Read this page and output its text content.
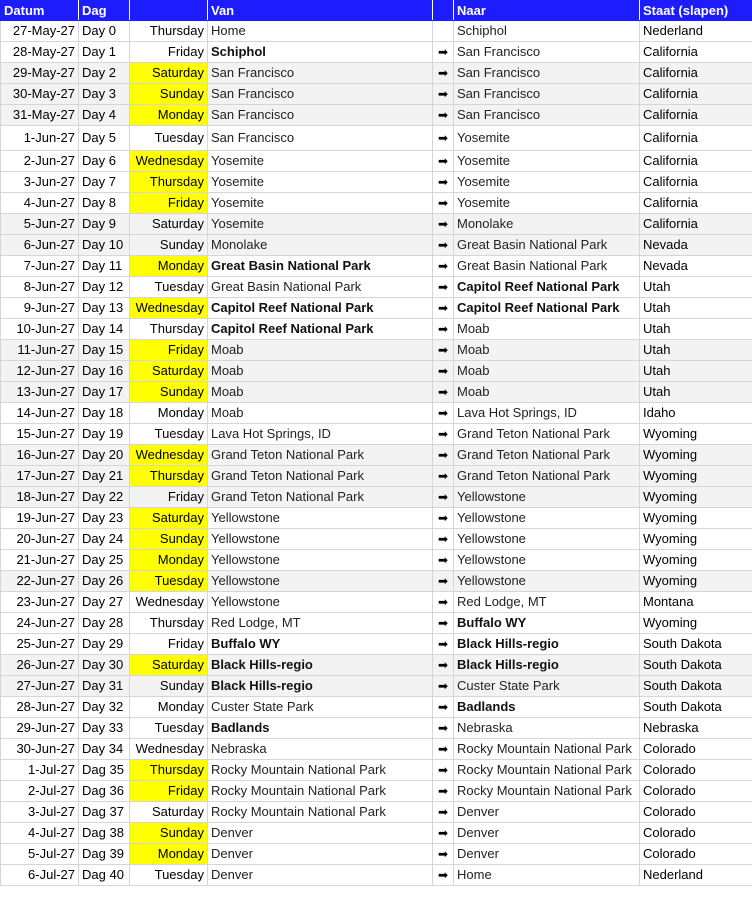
Datum	Dag		Van		Naar	Staat (slapen)
27-May-27	Day 0	Thursday	Home		Schiphol	Nederland
28-May-27	Day 1	Friday	Schiphol	➡	San Francisco	California
29-May-27	Day 2	Saturday	San Francisco	➡	San Francisco	California
30-May-27	Day 3	Sunday	San Francisco	➡	San Francisco	California
31-May-27	Day 4	Monday	San Francisco	➡	San Francisco	California
1-Jun-27	Day 5	Tuesday	San Francisco	➡	Yosemite	California
2-Jun-27	Day 6	Wednesday	Yosemite	➡	Yosemite	California
3-Jun-27	Day 7	Thursday	Yosemite	➡	Yosemite	California
4-Jun-27	Day 8	Friday	Yosemite	➡	Yosemite	California
5-Jun-27	Day 9	Saturday	Yosemite	➡	Monolake	California
6-Jun-27	Day 10	Sunday	Monolake	➡	Great Basin National Park	Nevada
7-Jun-27	Day 11	Monday	Great Basin National Park	➡	Great Basin National Park	Nevada
8-Jun-27	Day 12	Tuesday	Great Basin National Park	➡	Capitol Reef National Park	Utah
9-Jun-27	Day 13	Wednesday	Capitol Reef National Park	➡	Capitol Reef National Park	Utah
10-Jun-27	Day 14	Thursday	Capitol Reef National Park	➡	Moab	Utah
11-Jun-27	Day 15	Friday	Moab	➡	Moab	Utah
12-Jun-27	Day 16	Saturday	Moab	➡	Moab	Utah
13-Jun-27	Day 17	Sunday	Moab	➡	Moab	Utah
14-Jun-27	Day 18	Monday	Moab	➡	Lava Hot Springs, ID	Idaho
15-Jun-27	Day 19	Tuesday	Lava Hot Springs, ID	➡	Grand Teton National Park	Wyoming
16-Jun-27	Day 20	Wednesday	Grand Teton National Park	➡	Grand Teton National Park	Wyoming
17-Jun-27	Day 21	Thursday	Grand Teton National Park	➡	Grand Teton National Park	Wyoming
18-Jun-27	Day 22	Friday	Grand Teton National Park	➡	Yellowstone	Wyoming
19-Jun-27	Day 23	Saturday	Yellowstone	➡	Yellowstone	Wyoming
20-Jun-27	Day 24	Sunday	Yellowstone	➡	Yellowstone	Wyoming
21-Jun-27	Day 25	Monday	Yellowstone	➡	Yellowstone	Wyoming
22-Jun-27	Day 26	Tuesday	Yellowstone	➡	Yellowstone	Wyoming
23-Jun-27	Day 27	Wednesday	Yellowstone	➡	Red Lodge, MT	Montana
24-Jun-27	Day 28	Thursday	Red Lodge, MT	➡	Buffalo WY	Wyoming
25-Jun-27	Day 29	Friday	Buffalo WY	➡	Black Hills-regio	South Dakota
26-Jun-27	Day 30	Saturday	Black Hills-regio	➡	Black Hills-regio	South Dakota
27-Jun-27	Day 31	Sunday	Black Hills-regio	➡	Custer State Park	South Dakota
28-Jun-27	Day 32	Monday	Custer State Park	➡	Badlands	South Dakota
29-Jun-27	Day 33	Tuesday	Badlands	➡	Nebraska	Nebraska
30-Jun-27	Day 34	Wednesday	Nebraska	➡	Rocky Mountain National Park	Colorado
1-Jul-27	Dag 35	Thursday	Rocky Mountain National Park	➡	Rocky Mountain National Park	Colorado
2-Jul-27	Dag 36	Friday	Rocky Mountain National Park	➡	Rocky Mountain National Park	Colorado
3-Jul-27	Dag 37	Saturday	Rocky Mountain National Park	➡	Denver	Colorado
4-Jul-27	Dag 38	Sunday	Denver	➡	Denver	Colorado
5-Jul-27	Dag 39	Monday	Denver	➡	Denver	Colorado
6-Jul-27	Dag 40	Tuesday	Denver	➡	Home	Nederland
